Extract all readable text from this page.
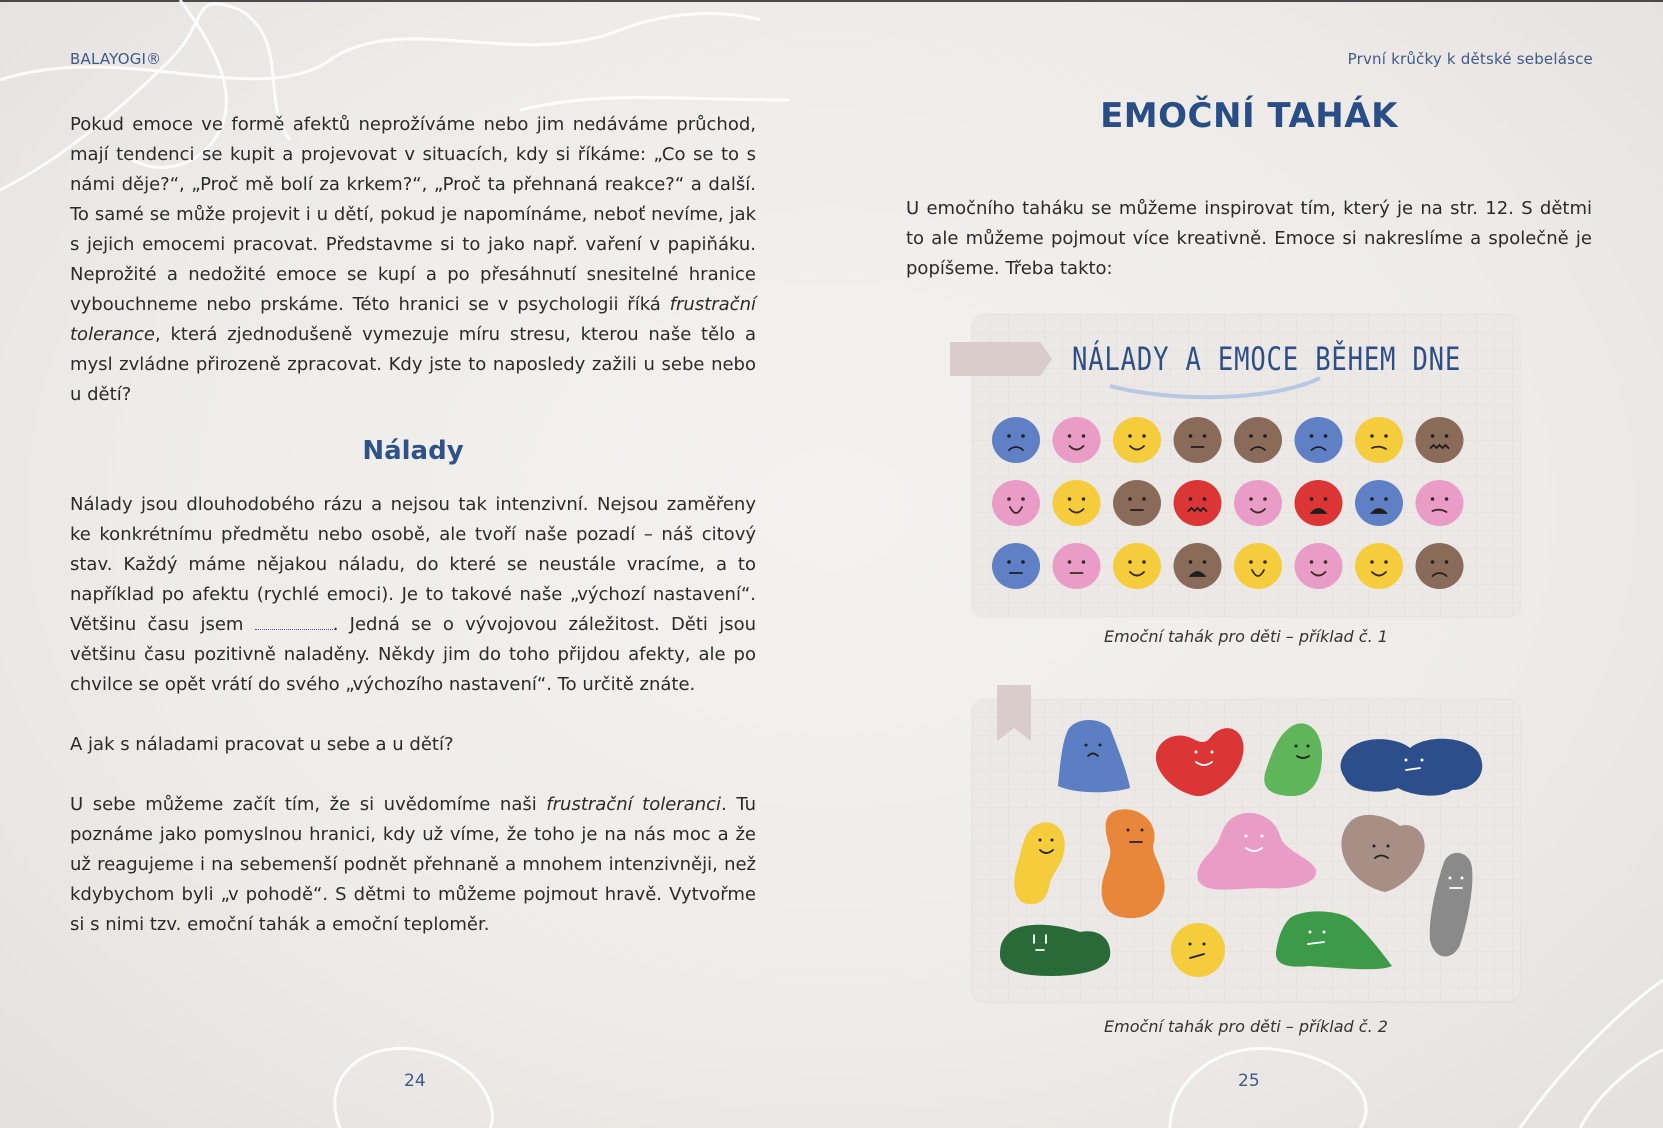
BALAYOGI®	První krůčky k dětské sebelásce

Pokud emoce ve formě afektů neprožíváme nebo jim nedáváme průchod, mají tendenci se kupit a projevovat v situacích, kdy si říkáme: „Co se to s námi děje?“, „Proč mě bolí za krkem?“, „Proč ta přehnaná reakce?“ a další. To samé se může projevit i u dětí, pokud je napomínáme, neboť nevíme, jak s jejich emocemi pracovat. Představme si to jako např. vaření v papiňáku. Neprožité a nedožité emoce se kupí a po přesáhnutí snesitelné hranice vybouchneme nebo prskáme. Této hranici se v psychologii říká frustrační tolerance, která zjednodušeně vymezuje míru stresu, kterou naše tělo a mysl zvládne přirozeně zpracovat. Kdy jste to naposledy zažili u sebe nebo u dětí?

Nálady

Nálady jsou dlouhodobého rázu a nejsou tak intenzivní. Nejsou zaměřeny ke konkrétnímu předmětu nebo osobě, ale tvoří naše pozadí – náš citový stav. Každý máme nějakou náladu, do které se neustále vracíme, a to například po afektu (rychlé emoci). Je to takové naše „výchozí nastavení“. Většinu času jsem	. Jedná se o vývojovou záležitost. Děti jsou většinu času pozitivně naladěny. Někdy jim do toho přijdou afekty, ale po chvilce se opět vrátí do svého „výchozího nastavení“. To určitě znáte.

A jak s náladami pracovat u sebe a u dětí?

U sebe můžeme začít tím, že si uvědomíme naši frustrační toleranci. Tu poznáme jako pomyslnou hranici, kdy už víme, že toho je na nás moc a že už reagujeme i na sebemenší podnět přehnaně a mnohem intenzivněji, než kdybychom byli „v pohodě“. S dětmi to můžeme pojmout hravě. Vytvořme si s nimi tzv. emoční tahák a emoční teploměr.

EMOČNÍ TAHÁK

U emočního taháku se můžeme inspirovat tím, který je na str. 12. S dětmi to ale můžeme pojmout více kreativně. Emoce si nakreslíme a společně je popíšeme. Třeba takto:

NÁLADY A EMOCE BĚHEM DNE
Emoční tahák pro děti – příklad č. 1
Emoční tahák pro děti – příklad č. 2
24	25
